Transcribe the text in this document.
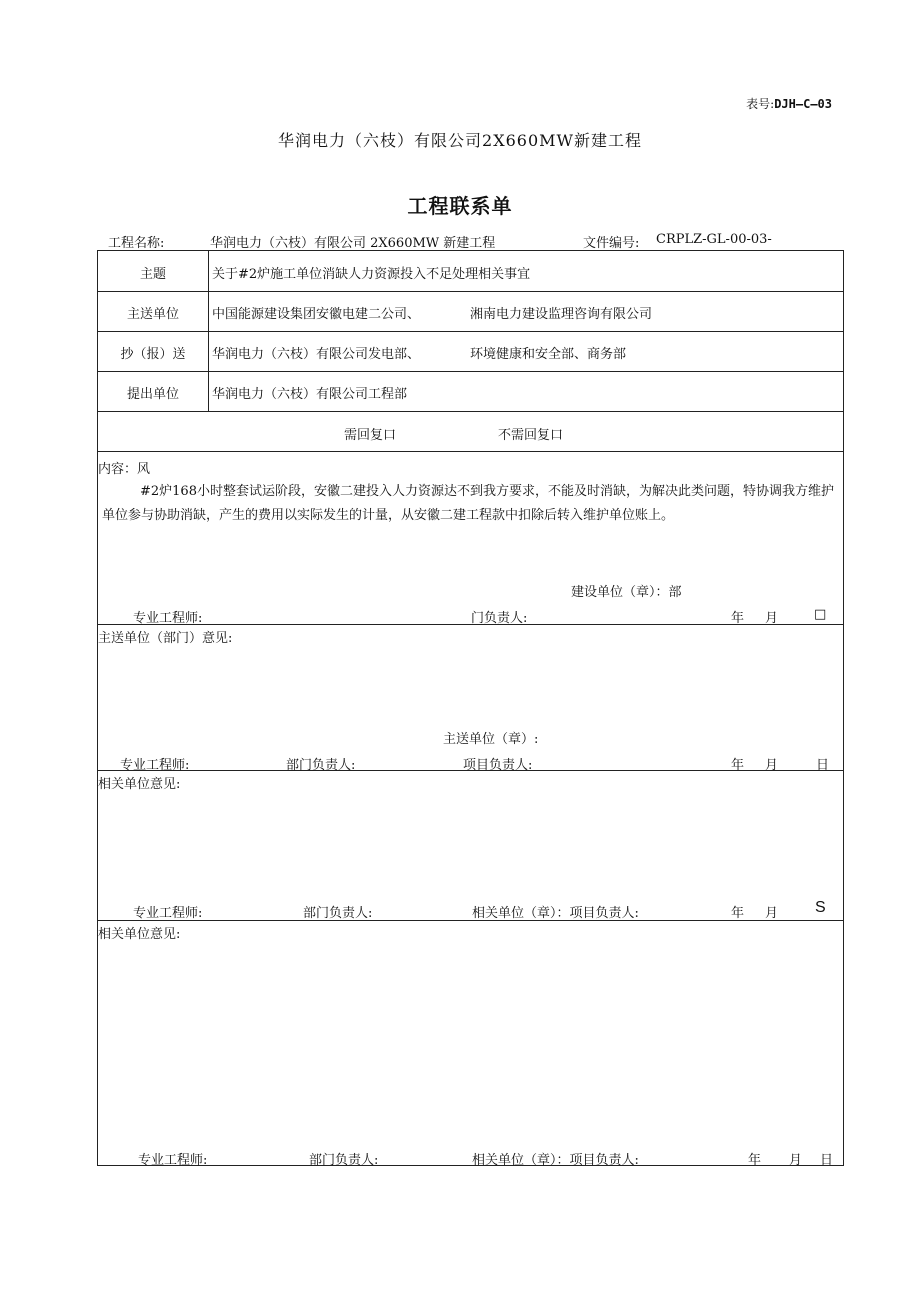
表号:DJH—C—03
华润电力（六枝）有限公司2X660MW新建工程
工程联系单
工程名称:	华润电力（六枝）有限公司 2X660MW 新建工程	文件编号: CRPLZ-GL-00-03-
主题	关于#2炉施工单位消缺人力资源投入不足处理相关事宜
主送单位	中国能源建设集团安徽电建二公司、	湘南电力建设监理咨询有限公司
抄（报）送	华润电力（六枝）有限公司发电部、	环境健康和安全部、商务部
提出单位	华润电力（六枝）有限公司工程部
需回复口	不需回复口
内容：风
#2炉168小时整套试运阶段，安徽二建投入人力资源达不到我方要求，不能及时消缺，为解决此类问题，特协调我方维护单位参与协助消缺，产生的费用以实际发生的计量，从安徽二建工程款中扣除后转入维护单位账上。
建设单位（章）：部
专业工程师:	门负责人:	年 月	□
主送单位（部门）意见:
主送单位（章）:
专业工程师:	部门负责人:	项目负责人:	年 月	日
相关单位意见:
专业工程师:	部门负责人:	相关单位（章）：项目负责人:	年 月 S
相关单位意见:
专业工程师:	部门负责人:	相关单位（章）：项目负责人:	年 月 日
